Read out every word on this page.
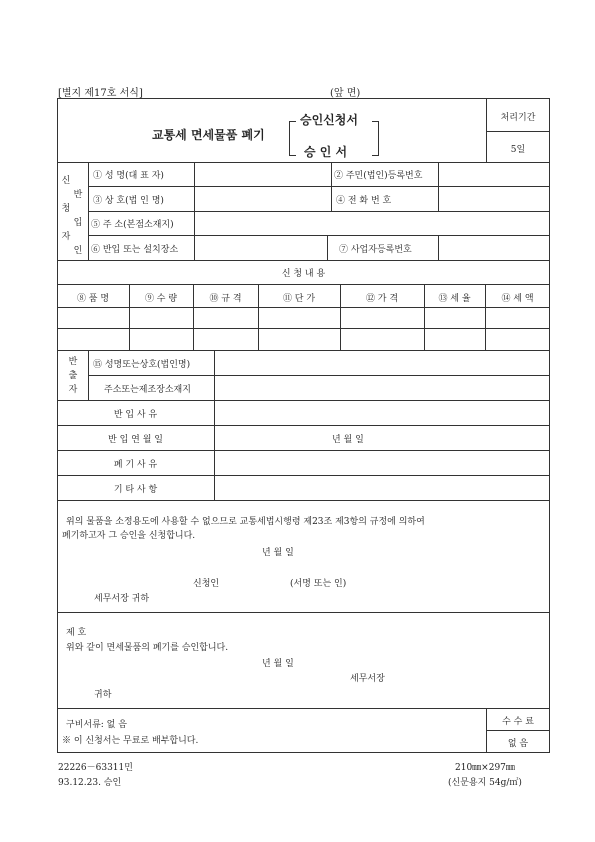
[별지 제17호 서식]	(앞 면)
교통세 면세물품 폐기
승인신청서
승 인 서
처리기간
5일
신
반
청
입
자
인
① 성 명(대 표 자)	② 주민(법인)등록번호
③ 상 호(법 인 명)	④ 전 화 번 호
⑤ 주 소(본점소재지)
⑥ 반입 또는 설치장소	⑦ 사업자등록번호
신 청 내 용
⑧ 품 명	⑨ 수 량	⑩ 규 격	⑪ 단 가	⑫ 가 격	⑬ 세 율	⑭ 세 액
반
출
자
⑮ 성명또는상호(법인명)
주소또는제조장소재지
반 입 사 유
반 입 연 월 일	년 월 일
폐 기 사 유
기 타 사 항
위의 물품을 소정용도에 사용할 수 없으므로 교통세법시행령 제23조 제3항의 규정에 의하여
폐기하고자 그 승인을 신청합니다.
년 월 일
신청인	(서명 또는 인)
세무서장 귀하
제 호
위와 같이 면세물품의 폐기를 승인합니다.
년 월 일
세무서장
귀하
구비서류: 없 음
※ 이 신청서는 무료로 배부합니다.
수 수 료
없 음
22226－63311민
93.12.23. 승인
210㎜×297㎜
(신문용지 54g/㎡)
